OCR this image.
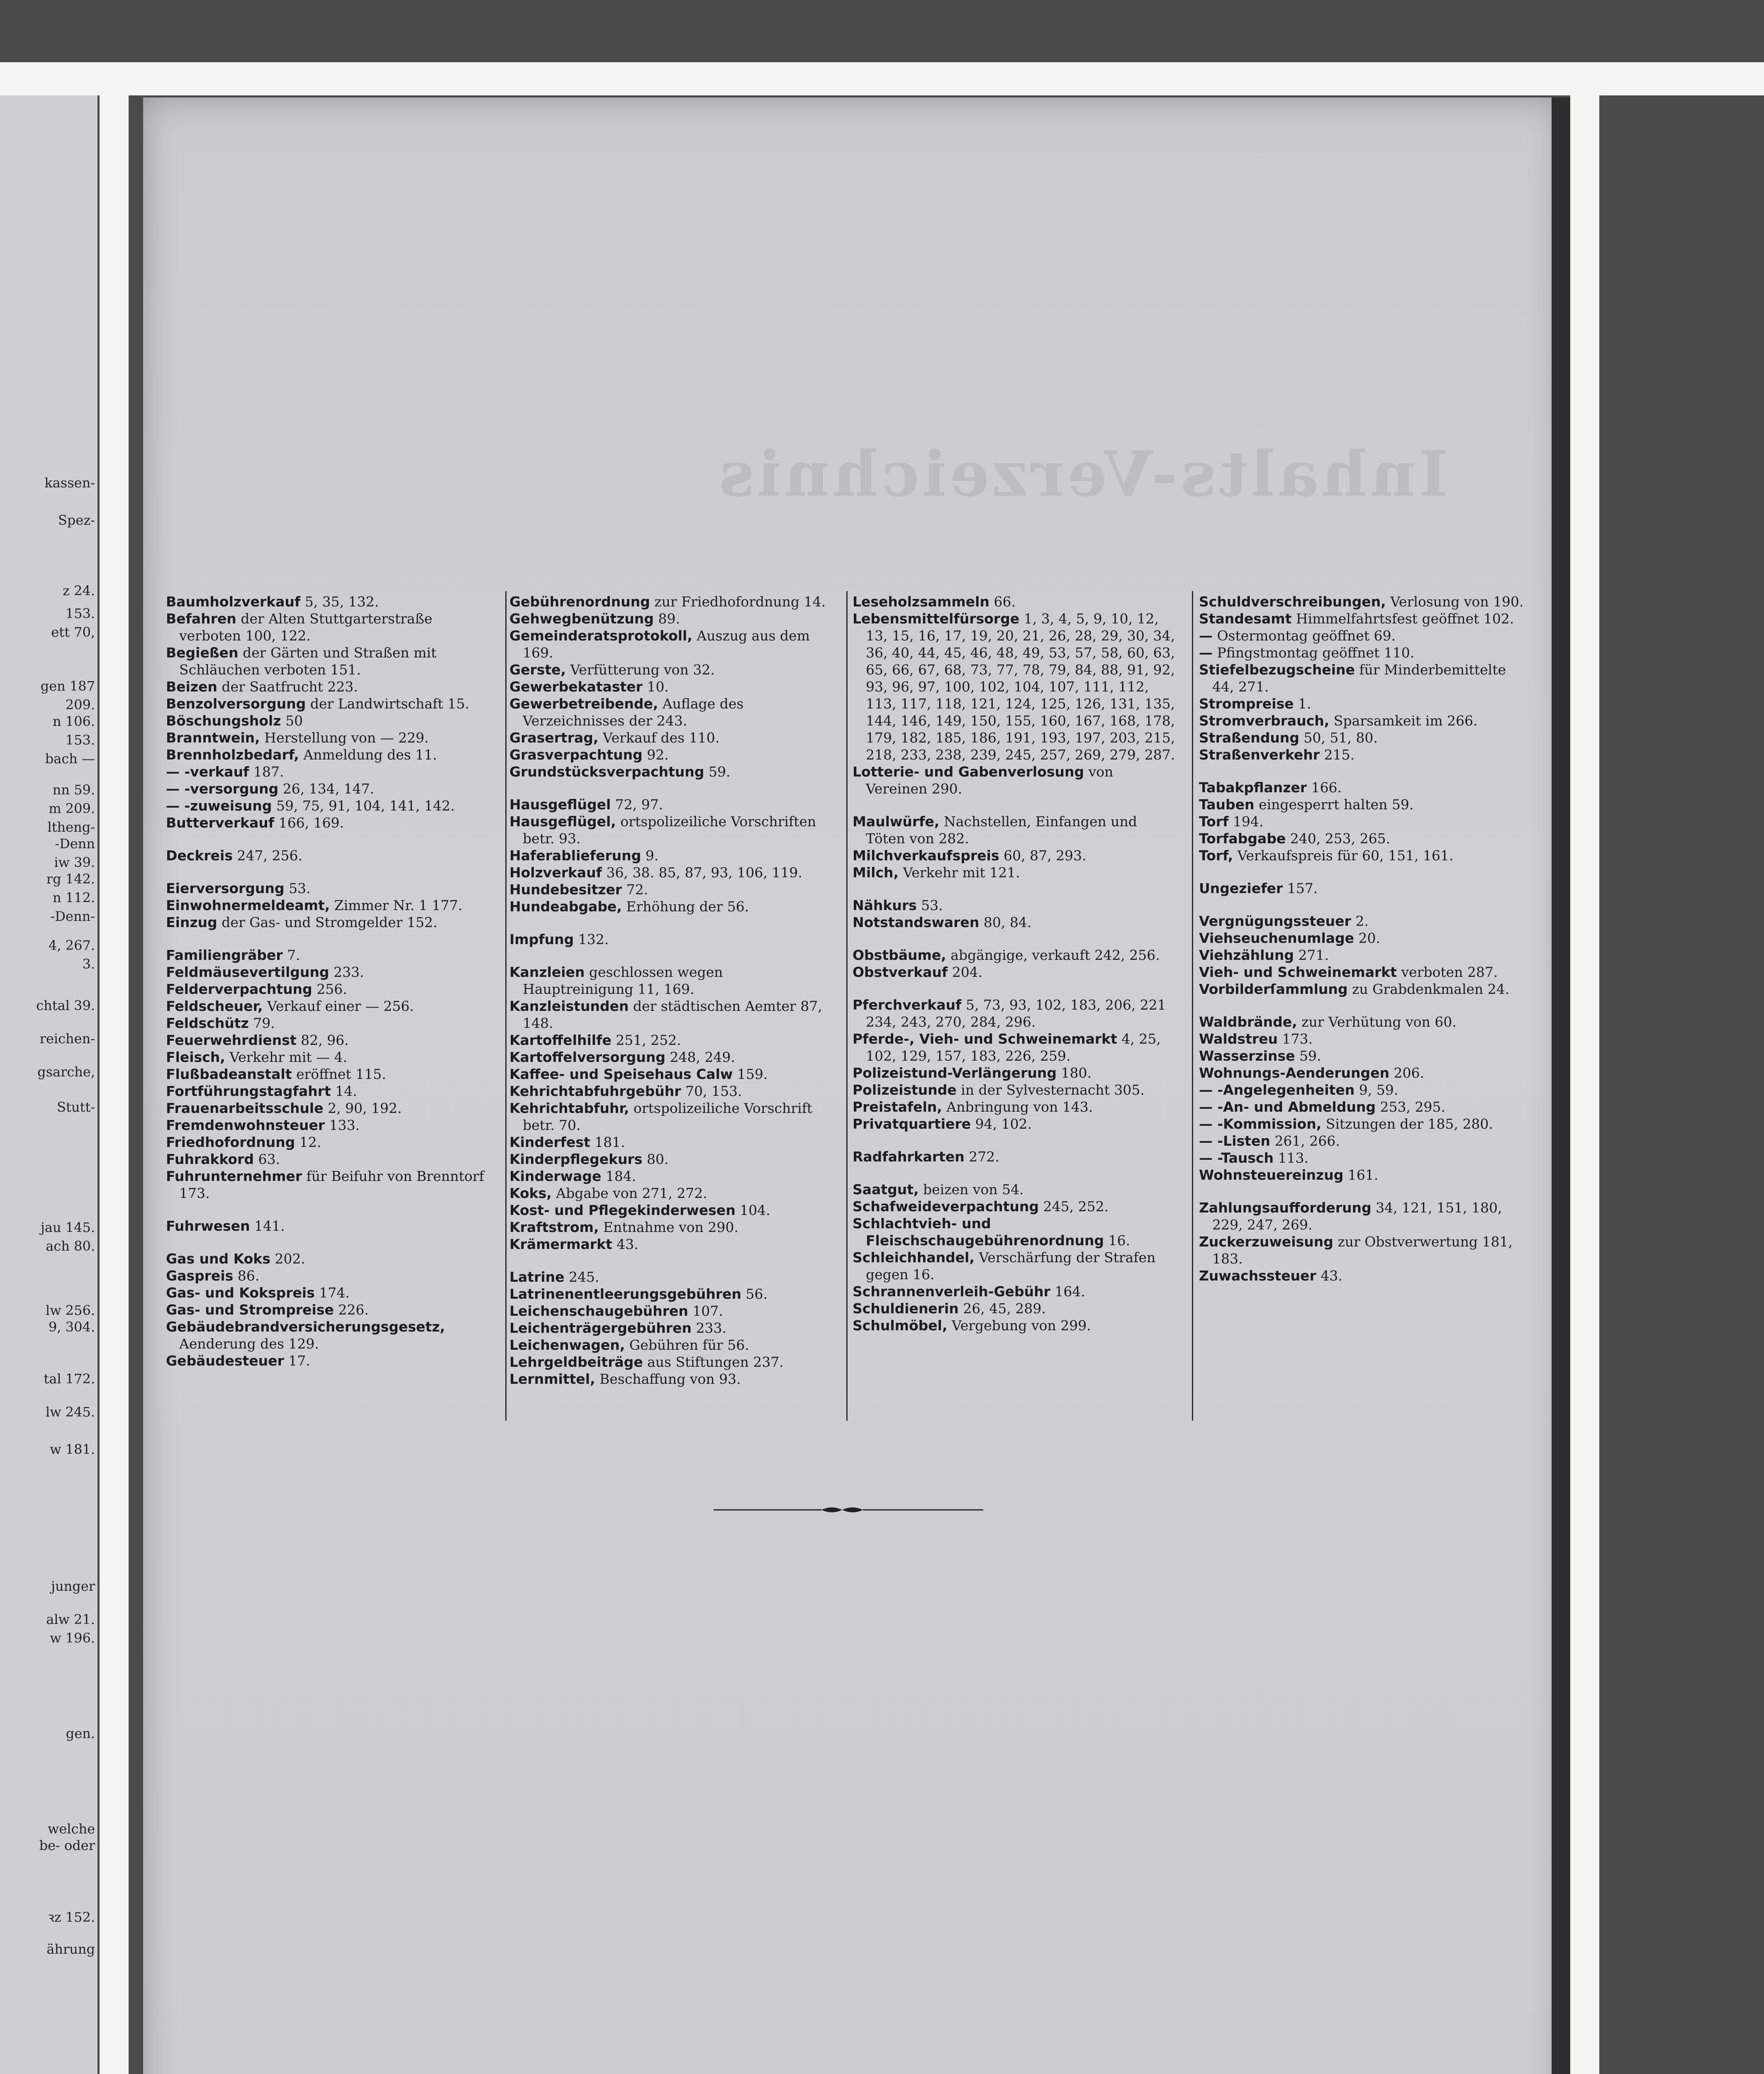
kassen-
Spez-
z 24.
153.
ett 70,
gen 187
209.
n 106.
153.
bach —
nn 59.
m 209.
ltheng-
-Denn
iw 39.
rg 142.
n 112.
-Denn-
4, 267.
3.
chtal 39.
reichen-
gsarche,
Stutt-
jau 145.
ach 80.
lw 256.
9, 304.
tal 172.
lw 245.
w 181.
junger
alw 21.
w 196.
gen.
welche
be- oder
ꝛz 152.
ährung
Inhalts-Verzeichnis
Baumholzverkauf 5, 35, 132.
Befahren der Alten Stuttgarterstraße verboten 100, 122.
Begießen der Gärten und Straßen mit Schläuchen verboten 151.
Beizen der Saatfrucht 223.
Benzolversorgung der Landwirtschaft 15.
Böschungsholz 50
Branntwein, Herstellung von — 229.
Brennholzbedarf, Anmeldung des 11.
— -verkauf 187.
— -versorgung 26, 134, 147.
— -zuweisung 59, 75, 91, 104, 141, 142.
Butterverkauf 166, 169.
Deckreis 247, 256.
Eierversorgung 53.
Einwohnermeldeamt, Zimmer Nr. 1 177.
Einzug der Gas- und Stromgelder 152.
Familiengräber 7.
Feldmäusevertilgung 233.
Felderverpachtung 256.
Feldscheuer, Verkauf einer — 256.
Feldschütz 79.
Feuerwehrdienst 82, 96.
Fleisch, Verkehr mit — 4.
Flußbadeanstalt eröffnet 115.
Fortführungstagfahrt 14.
Frauenarbeitsschule 2, 90, 192.
Fremdenwohnsteuer 133.
Friedhofordnung 12.
Fuhrakkord 63.
Fuhrunternehmer für Beifuhr von Brenntorf 173.
Fuhrwesen 141.
Gas und Koks 202.
Gaspreis 86.
Gas- und Kokspreis 174.
Gas- und Strompreise 226.
Gebäudebrandversicherungsgesetz, Aenderung des 129.
Gebäudesteuer 17.
Gebührenordnung zur Friedhofordnung 14.
Gehwegbenützung 89.
Gemeinderatsprotokoll, Auszug aus dem 169.
Gerste, Verfütterung von 32.
Gewerbekataster 10.
Gewerbetreibende, Auflage des Verzeichnisses der 243.
Grasertrag, Verkauf des 110.
Grasverpachtung 92.
Grundstücksverpachtung 59.
Hausgeflügel 72, 97.
Hausgeflügel, ortspolizeiliche Vorschriften betr. 93.
Haferablieferung 9.
Holzverkauf 36, 38. 85, 87, 93, 106, 119.
Hundebesitzer 72.
Hundeabgabe, Erhöhung der 56.
Impfung 132.
Kanzleien geschlossen wegen Hauptreinigung 11, 169.
Kanzleistunden der städtischen Aemter 87, 148.
Kartoffelhilfe 251, 252.
Kartoffelversorgung 248, 249.
Kaffee- und Speisehaus Calw 159.
Kehrichtabfuhrgebühr 70, 153.
Kehrichtabfuhr, ortspolizeiliche Vorschrift betr. 70.
Kinderfest 181.
Kinderpflegekurs 80.
Kinderwage 184.
Koks, Abgabe von 271, 272.
Kost- und Pflegekinderwesen 104.
Kraftstrom, Entnahme von 290.
Krämermarkt 43.
Latrine 245.
Latrinenentleerungsgebühren 56.
Leichenschaugebühren 107.
Leichenträgergebühren 233.
Leichenwagen, Gebühren für 56.
Lehrgeldbeiträge aus Stiftungen 237.
Lernmittel, Beschaffung von 93.
Leseholzsammeln 66.
Lebensmittelfürsorge 1, 3, 4, 5, 9, 10, 12, 13, 15, 16, 17, 19, 20, 21, 26, 28, 29, 30, 34, 36, 40, 44, 45, 46, 48, 49, 53, 57, 58, 60, 63, 65, 66, 67, 68, 73, 77, 78, 79, 84, 88, 91, 92, 93, 96, 97, 100, 102, 104, 107, 111, 112, 113, 117, 118, 121, 124, 125, 126, 131, 135, 144, 146, 149, 150, 155, 160, 167, 168, 178, 179, 182, 185, 186, 191, 193, 197, 203, 215, 218, 233, 238, 239, 245, 257, 269, 279, 287.
Lotterie- und Gabenverlosung von Vereinen 290.
Maulwürfe, Nachstellen, Einfangen und Töten von 282.
Milchverkaufspreis 60, 87, 293.
Milch, Verkehr mit 121.
Nähkurs 53.
Notstandswaren 80, 84.
Obstbäume, abgängige, verkauft 242, 256.
Obstverkauf 204.
Pferchverkauf 5, 73, 93, 102, 183, 206, 221 234, 243, 270, 284, 296.
Pferde-, Vieh- und Schweinemarkt 4, 25, 102, 129, 157, 183, 226, 259.
Polizeistund-Verlängerung 180.
Polizeistunde in der Sylvesternacht 305.
Preistafeln, Anbringung von 143.
Privatquartiere 94, 102.
Radfahrkarten 272.
Saatgut, beizen von 54.
Schafweideverpachtung 245, 252.
Schlachtvieh- und Fleischschaugebührenordnung 16.
Schleichhandel, Verschärfung der Strafen gegen 16.
Schrannenverleih-Gebühr 164.
Schuldienerin 26, 45, 289.
Schulmöbel, Vergebung von 299.
Schuldverschreibungen, Verlosung von 190.
Standesamt Himmelfahrtsfest geöffnet 102.
— Ostermontag geöffnet 69.
— Pfingstmontag geöffnet 110.
Stiefelbezugscheine für Minderbemittelte 44, 271.
Strompreise 1.
Stromverbrauch, Sparsamkeit im 266.
Straßendung 50, 51, 80.
Straßenverkehr 215.
Tabakpflanzer 166.
Tauben eingesperrt halten 59.
Torf 194.
Torfabgabe 240, 253, 265.
Torf, Verkaufspreis für 60, 151, 161.
Ungeziefer 157.
Vergnügungssteuer 2.
Viehseuchenumlage 20.
Viehzählung 271.
Vieh- und Schweinemarkt verboten 287.
Vorbilderſammlung zu Grabdenkmalen 24.
Waldbrände, zur Verhütung von 60.
Waldstreu 173.
Wasserzinse 59.
Wohnungs-Aenderungen 206.
— -Angelegenheiten 9, 59.
— -An- und Abmeldung 253, 295.
— -Kommission, Sitzungen der 185, 280.
— -Listen 261, 266.
— -Tausch 113.
Wohnsteuereinzug 161.
Zahlungsaufforderung 34, 121, 151, 180, 229, 247, 269.
Zuckerzuweisung zur Obstverwertung 181, 183.
Zuwachssteuer 43.
